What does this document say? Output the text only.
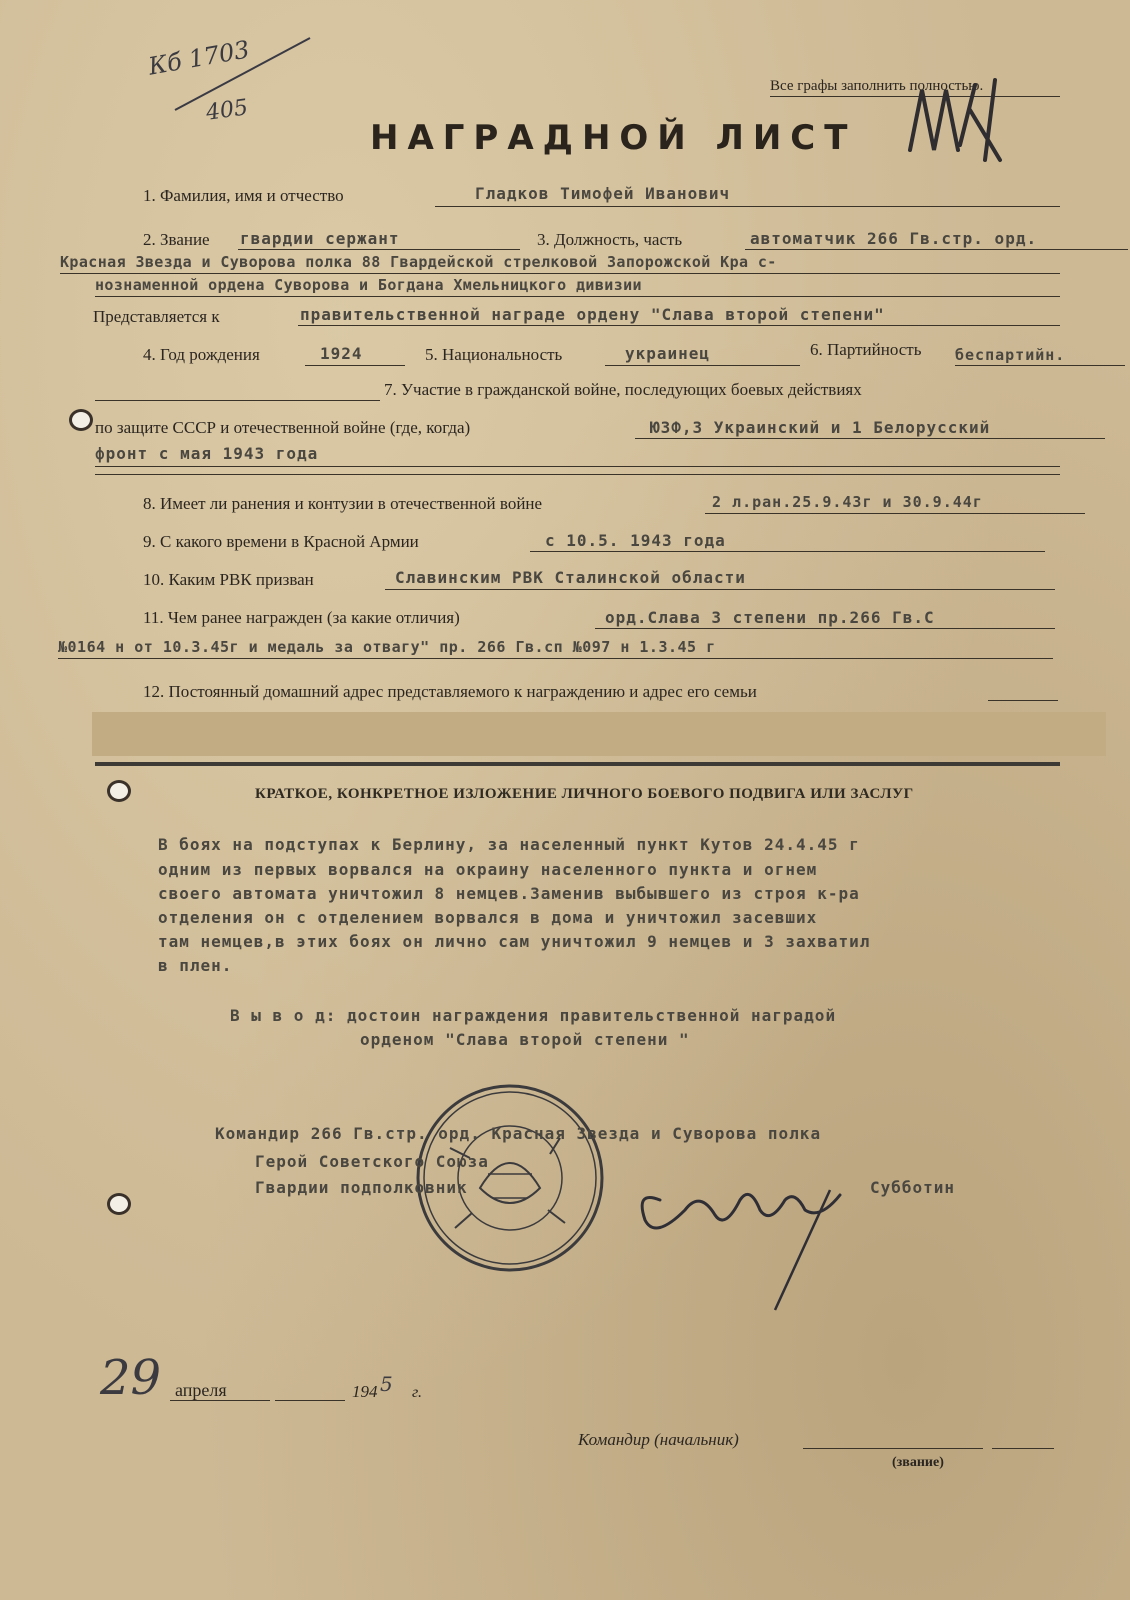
Кб 1703
405
Все графы заполнить полностью.
НАГРАДНОЙ ЛИСТ
1. Фамилия, имя и отчество	Гладков Тимофей Иванович
2. Звание гвардии сержант	3. Должность, часть	автоматчик 266 Гв.стр. орд.
Красная Звезда и Суворова полка 88 Гвардейской стрелковой Запорожской Кра с-
нознаменной ордена Суворова и Богдана Хмельницкого дивизии
Представляется к	правительственной награде ордену "Слава второй степени"
4. Год рождения	1924	5. Национальность	украинец	6. Партийность беспартийн.
7. Участие в гражданской войне, последующих боевых действиях
по защите СССР и отечественной войне (где, когда)	ЮЗФ,3 Украинский и 1 Белорусский
фронт с мая 1943 года
8. Имеет ли ранения и контузии в отечественной войне	2 л.ран.25.9.43г и 30.9.44г
9. С какого времени в Красной Армии	с 10.5. 1943 года
10. Каким РВК призван	Славинским РВК Сталинской области
11. Чем ранее награжден (за какие отличия)	орд.Слава 3 степени пр.266 Гв.С
№0164 н от 10.3.45г и медаль за отвагу" пр. 266 Гв.сп №097 н 1.3.45 г
12. Постоянный домашний адрес представляемого к награждению и адрес его семьи
КРАТКОЕ, КОНКРЕТНОЕ ИЗЛОЖЕНИЕ ЛИЧНОГО БОЕВОГО ПОДВИГА ИЛИ ЗАСЛУГ
В боях на подступах к Берлину, за населенный пункт Кутов 24.4.45 г
одним из первых ворвался на окраину населенного пункта и огнем
своего автомата уничтожил 8 немцев.Заменив выбывшего из строя к-ра
отделения он с отделением ворвался в дома и уничтожил засевших
там немцев,в этих боях он лично сам уничтожил 9 немцев и 3 захватил
в плен.
В ы в о д: достоин награждения правительственной наградой
орденом "Слава второй степени "
Командир 266 Гв.стр. орд. Красная Звезда и Суворова полка
Герой Советского Союза
Гвардии подполковник	Субботин
29 апреля	194 5 г.
Командир (начальник)
(звание)
